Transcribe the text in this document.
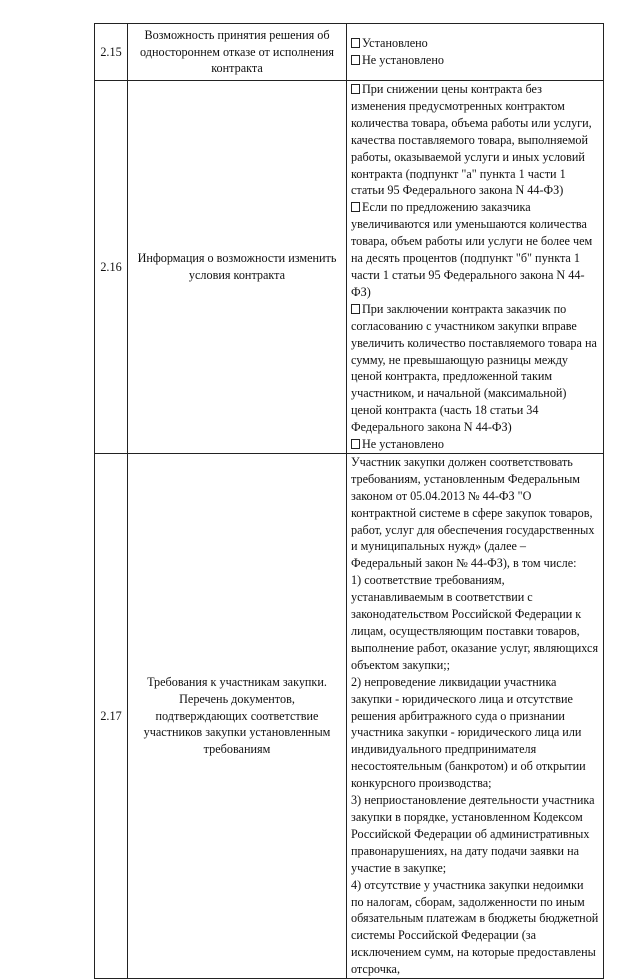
2.15	Возможность принятия решения об одностороннем отказе от исполнения контракта	Установлено
Не установлено

2.16	Информация о возможности изменить условия контракта	При снижении цены контракта без изменения предусмотренных контрактом количества товара, объема работы или услуги, качества поставляемого товара, выполняемой работы, оказываемой услуги и иных условий контракта (подпункт "а" пункта 1 части 1 статьи 95 Федерального закона N 44-ФЗ)
Если по предложению заказчика увеличиваются или уменьшаются количества товара, объем работы или услуги не более чем на десять процентов (подпункт "б" пункта 1 части 1 статьи 95 Федерального закона N 44-ФЗ)
При заключении контракта заказчик по согласованию с участником закупки вправе увеличить количество поставляемого товара на сумму, не превышающую разницы между ценой контракта, предложенной таким участником, и начальной (максимальной) ценой контракта (часть 18 статьи 34 Федерального закона N 44-ФЗ)
Не установлено

2.17	Требования к участникам закупки. Перечень документов, подтверждающих соответствие участников закупки установленным требованиям	Участник закупки должен соответствовать требованиям, установленным Федеральным законом от 05.04.2013 № 44-ФЗ "О контрактной системе в сфере закупок товаров, работ, услуг для обеспечения государственных и муниципальных нужд» (далее – Федеральный закон № 44-ФЗ), в том числе:
1) соответствие требованиям, устанавливаемым в соответствии с законодательством Российской Федерации к лицам, осуществляющим поставки товаров, выполнение работ, оказание услуг, являющихся объектом закупки;;
2) непроведение ликвидации участника закупки - юридического лица и отсутствие решения арбитражного суда о признании участника закупки - юридического лица или индивидуального предпринимателя несостоятельным (банкротом) и об открытии конкурсного производства;
3) неприостановление деятельности участника закупки в порядке, установленном Кодексом Российской Федерации об административных правонарушениях, на дату подачи заявки на участие в закупке;
4) отсутствие у участника закупки недоимки по налогам, сборам, задолженности по иным обязательным платежам в бюджеты бюджетной системы Российской Федерации (за исключением сумм, на которые предоставлены отсрочка,
